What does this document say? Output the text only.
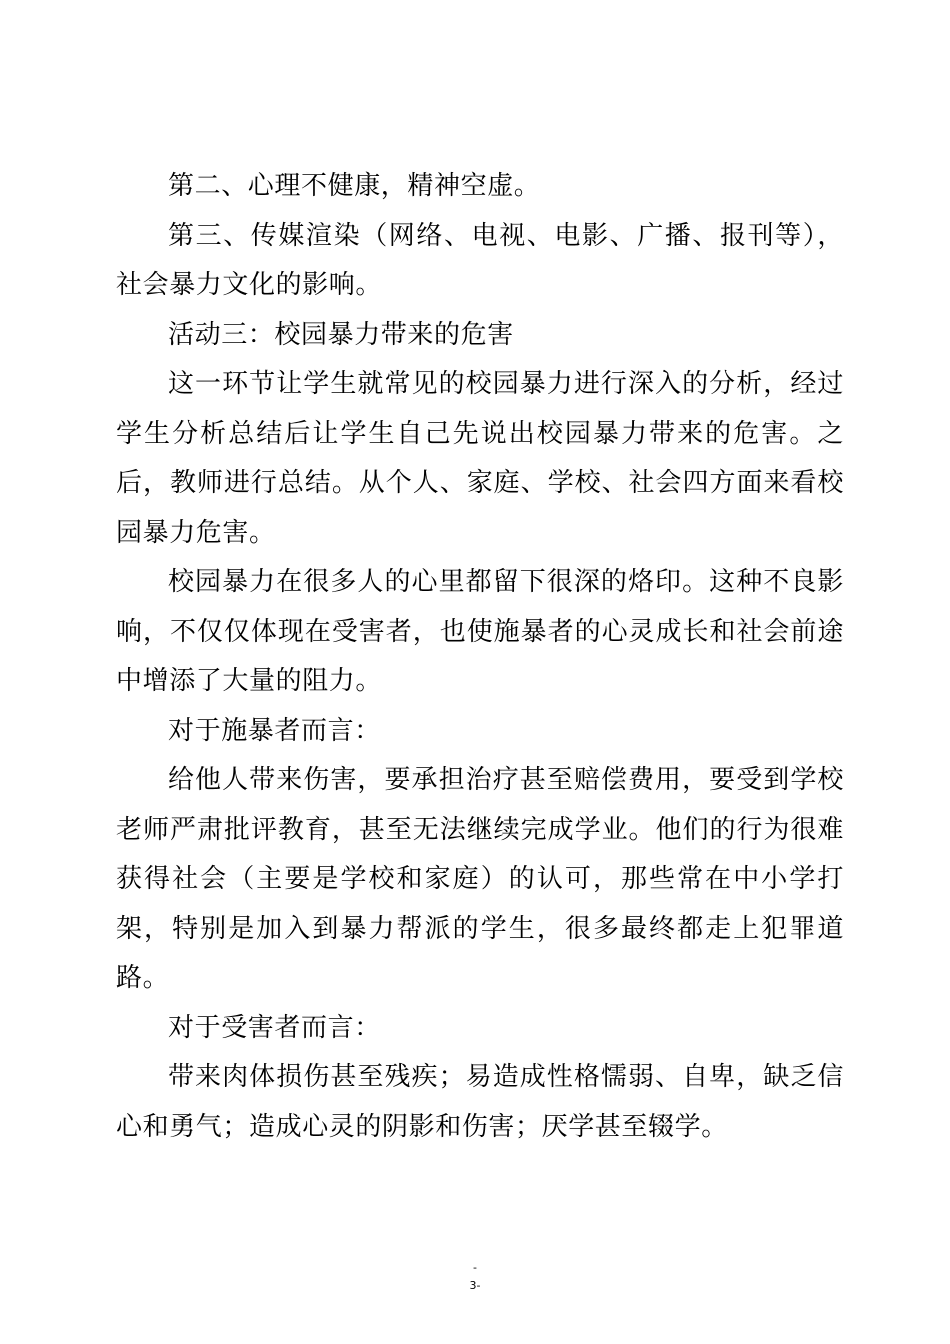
第二、心理不健康，精神空虚。

第三、传媒渲染（网络、电视、电影、广播、报刊等），社会暴力文化的影响。

活动三：校园暴力带来的危害

这一环节让学生就常见的校园暴力进行深入的分析，经过学生分析总结后让学生自己先说出校园暴力带来的危害。之后，教师进行总结。从个人、家庭、学校、社会四方面来看校园暴力危害。

校园暴力在很多人的心里都留下很深的烙印。这种不良影响，不仅仅体现在受害者，也使施暴者的心灵成长和社会前途中增添了大量的阻力。

对于施暴者而言：

给他人带来伤害，要承担治疗甚至赔偿费用，要受到学校老师严肃批评教育，甚至无法继续完成学业。他们的行为很难获得社会（主要是学校和家庭）的认可，那些常在中小学打架，特别是加入到暴力帮派的学生，很多最终都走上犯罪道路。

对于受害者而言：

带来肉体损伤甚至残疾；易造成性格懦弱、自卑，缺乏信心和勇气；造成心灵的阴影和伤害；厌学甚至辍学。

-
3-
